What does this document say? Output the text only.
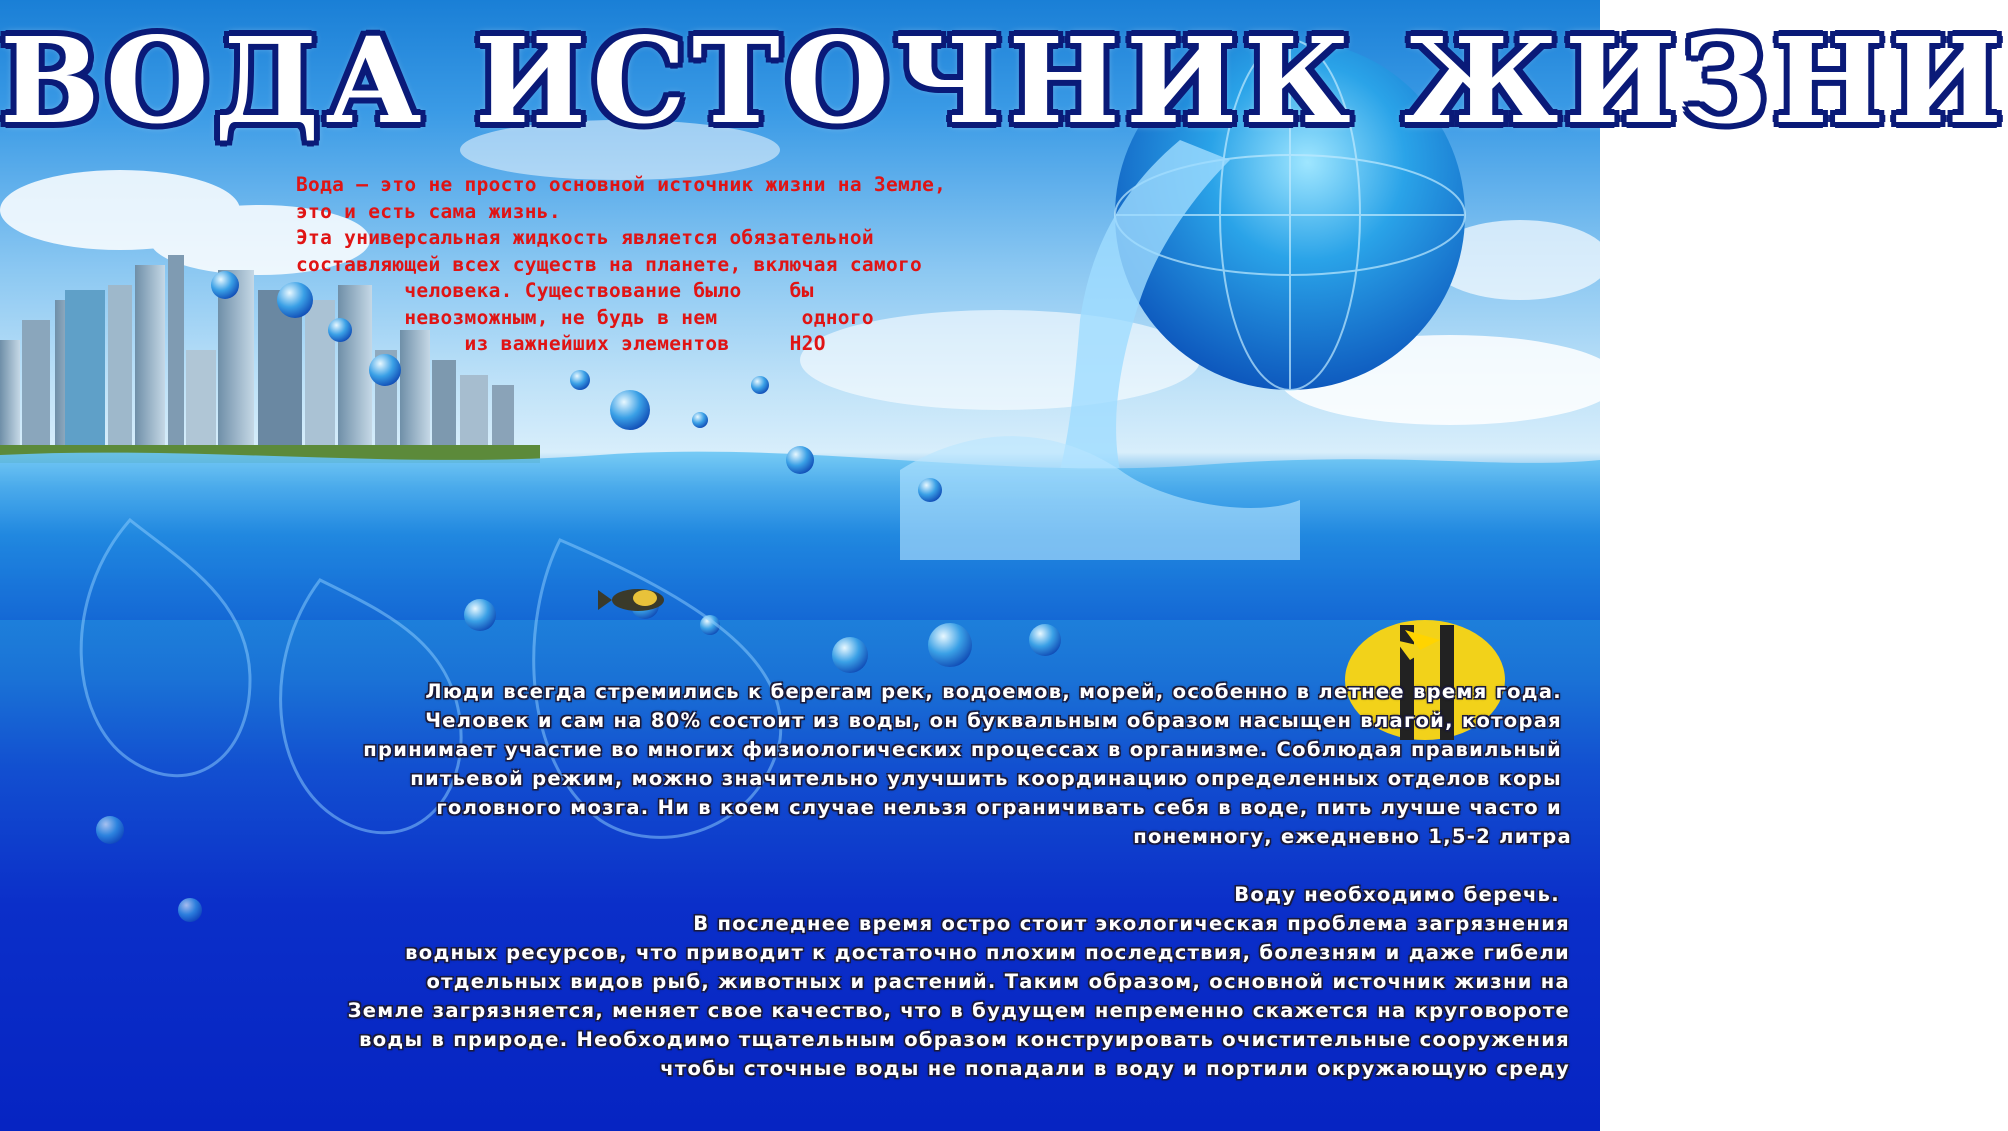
ВОДА ИСТОЧНИК ЖИЗНИ
Вода – это не просто основной источник жизни на Земле,
это и есть сама жизнь.
Эта универсальная жидкость является обязательной
составляющей всех существ на планете, включая самого
человека. Существование было    бы
невозможным, не будь в нем       одного
из важнейших элементов     H2O
Люди всегда стремились к берегам рек, водоемов, морей, особенно в летнее время года.
Человек и сам на 80% состоит из воды, он буквальным образом насыщен влагой, которая
принимает участие во многих физиологических процессах в организме. Соблюдая правильный
питьевой режим, можно значительно улучшить координацию определенных отделов коры
головного мозга. Ни в коем случае нельзя ограничивать себя в воде, пить лучше часто и
понемногу, ежедневно 1,5-2 литра
Воду необходимо беречь.
В последнее время остро стоит экологическая проблема загрязнения
водных ресурсов, что приводит к достаточно плохим последствия, болезням и даже гибели
отдельных видов рыб, животных и растений. Таким образом, основной источник жизни на
Земле загрязняется, меняет свое качество, что в будущем непременно скажется на круговороте
воды в природе. Необходимо тщательным образом конструировать очистительные сооружения
чтобы сточные воды не попадали в воду и портили окружающую среду
